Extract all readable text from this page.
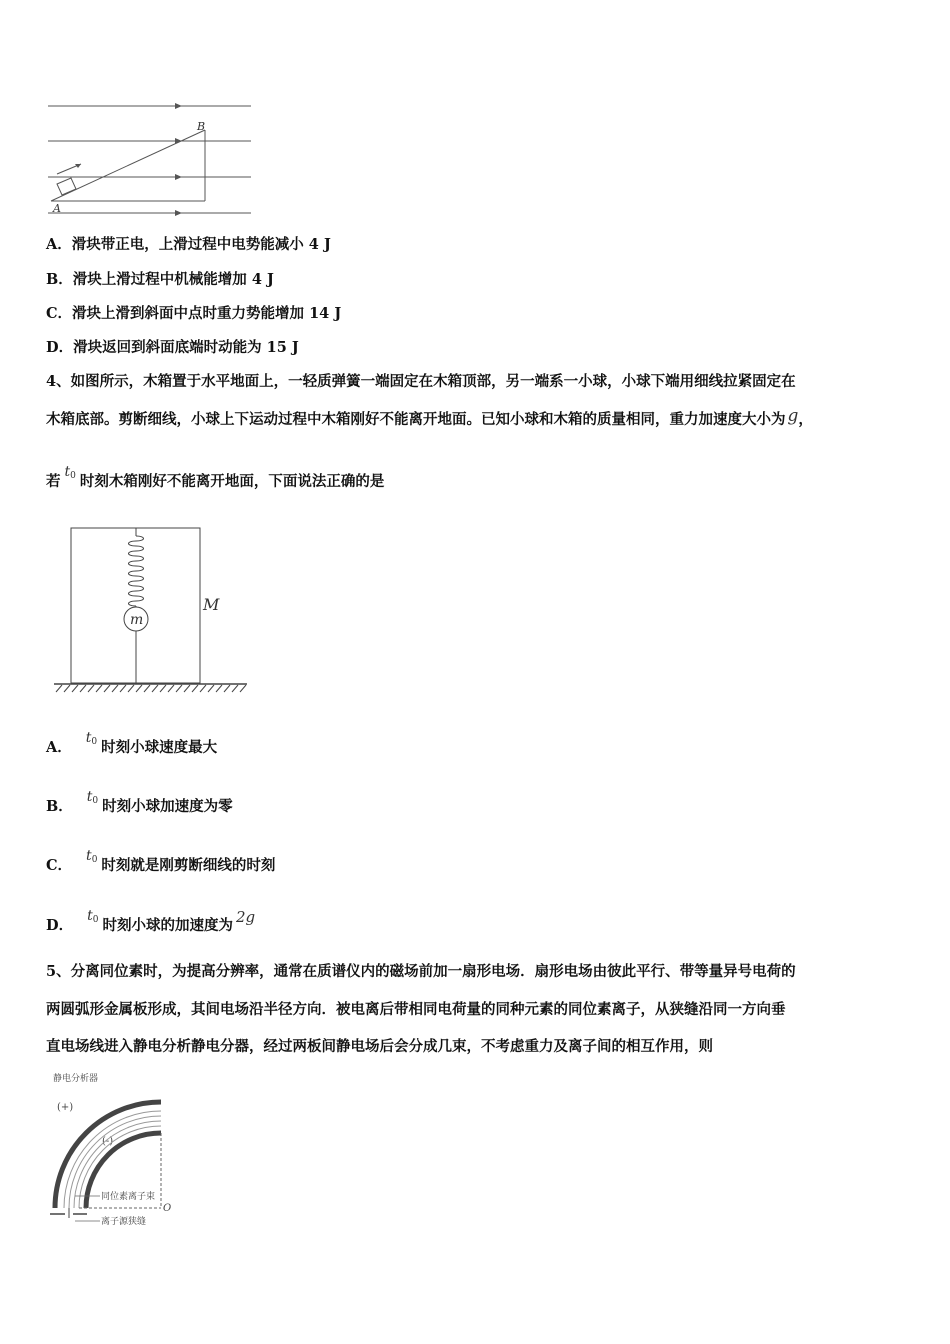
B
A
A．滑块带正电，上滑过程中电势能减小 4 J
B．滑块上滑过程中机械能增加 4 J
C．滑块上滑到斜面中点时重力势能增加 14 J
D．滑块返回到斜面底端时动能为 15 J
4、如图所示，木箱置于水平地面上，一轻质弹簧一端固定在木箱顶部，另一端系一小球，小球下端用细线拉紧固定在
木箱底部。剪断细线，小球上下运动过程中木箱刚好不能离开地面。已知小球和木箱的质量相同，重力加速度大小为 g，
若t0 时刻木箱刚好不能离开地面，下面说法正确的是
m
M
A．t0 时刻小球速度最大
B．t0 时刻小球加速度为零
C．t0 时刻就是刚剪断细线的时刻
D．t0 时刻小球的加速度为 2g
5、分离同位素时，为提高分辨率，通常在质谱仪内的磁场前加一扇形电场．扇形电场由彼此平行、带等量异号电荷的
两圆弧形金属板形成，其间电场沿半径方向．被电离后带相同电荷量的同种元素的同位素离子，从狭缝沿同一方向垂
直电场线进入静电分析静电分器，经过两板间静电场后会分成几束，不考虑重力及离子间的相互作用，则
静电分析器
(+)
(-)
O
同位素离子束
离子源狭缝
